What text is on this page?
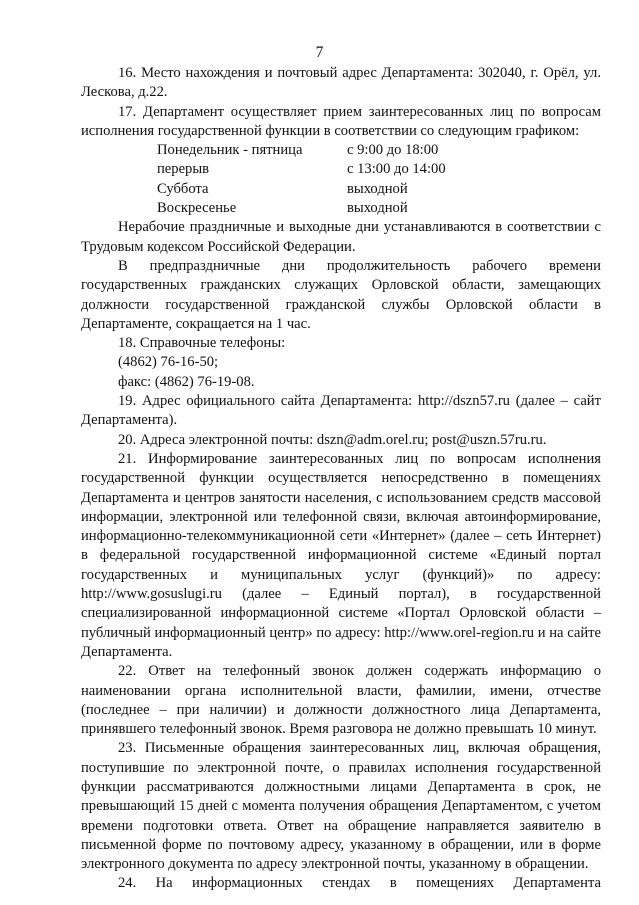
7

16. Место нахождения и почтовый адрес Департамента: 302040, г. Орёл, ул. Лескова, д.22.

17. Департамент осуществляет прием заинтересованных лиц по вопросам исполнения государственной функции в соответствии со следующим графиком:

Понедельник - пятница	с 9:00 до 18:00
перерыв	с 13:00 до 14:00
Суббота	выходной
Воскресенье	выходной

Нерабочие праздничные и выходные дни устанавливаются в соответствии с Трудовым кодексом Российской Федерации.

В предпраздничные дни продолжительность рабочего времени государственных гражданских служащих Орловской области, замещающих должности государственной гражданской службы Орловской области в Департаменте, сокращается на 1 час.

18. Справочные телефоны:

(4862) 76-16-50;

факс: (4862) 76-19-08.

19. Адрес официального сайта Департамента: http://dszn57.ru (далее – сайт Департамента).

20. Адреса электронной почты: dszn@adm.orel.ru; post@uszn.57ru.ru.

21. Информирование заинтересованных лиц по вопросам исполнения государственной функции осуществляется непосредственно в помещениях Департамента и центров занятости населения, с использованием средств массовой информации, электронной или телефонной связи, включая автоинформирование, информационно-телекоммуникационной сети «Интернет» (далее – сеть Интернет) в федеральной государственной информационной системе «Единый портал государственных и муниципальных услуг (функций)» по адресу: http://www.gosuslugi.ru (далее – Единый портал), в государственной специализированной информационной системе «Портал Орловской области – публичный информационный центр» по адресу: http://www.orel-region.ru и на сайте Департамента.

22. Ответ на телефонный звонок должен содержать информацию о наименовании органа исполнительной власти, фамилии, имени, отчестве (последнее – при наличии) и должности должностного лица Департамента, принявшего телефонный звонок. Время разговора не должно превышать 10 минут.

23. Письменные обращения заинтересованных лиц, включая обращения, поступившие по электронной почте, о правилах исполнения государственной функции рассматриваются должностными лицами Департамента в срок, не превышающий 15 дней с момента получения обращения Департаментом, с учетом времени подготовки ответа. Ответ на обращение направляется заявителю в письменной форме по почтовому адресу, указанному в обращении, или в форме электронного документа по адресу электронной почты, указанному в обращении.

24. На информационных стендах в помещениях Департамента
